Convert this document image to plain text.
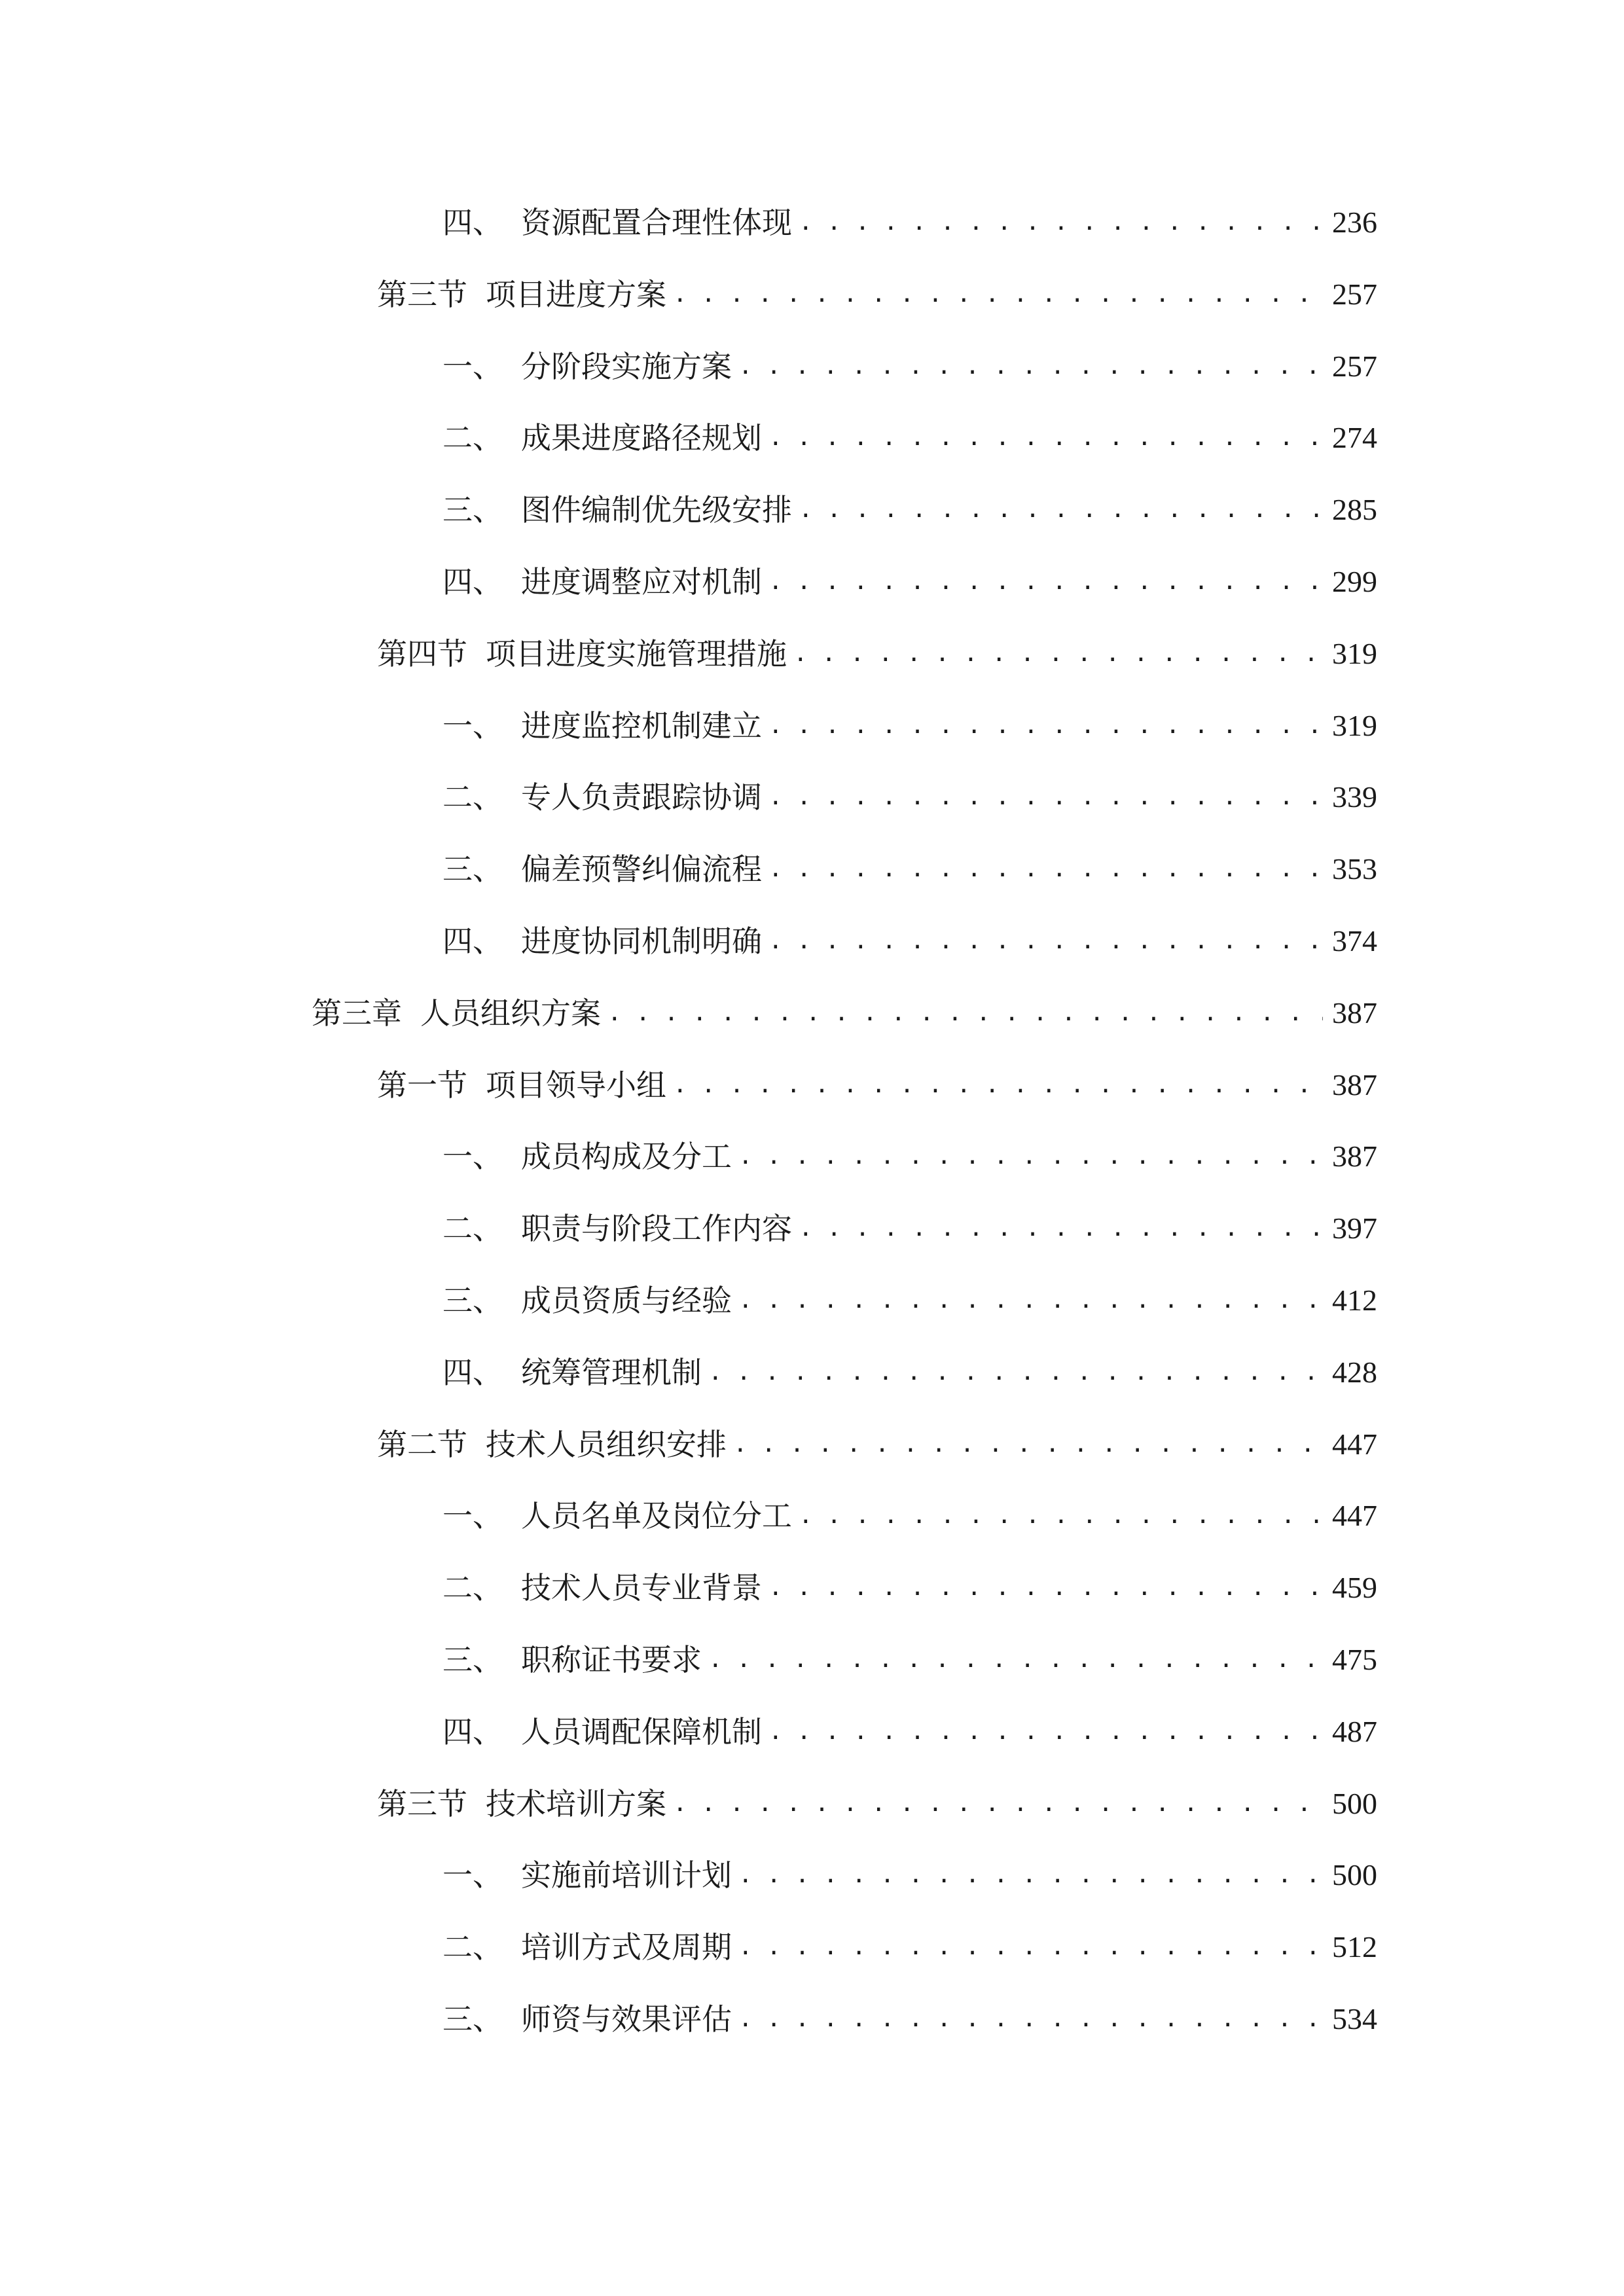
四、 资源配置合理性体现 . . .	236
第三节 项目进度方案 . . .	257
一、 分阶段实施方案 . . .	257
二、 成果进度路径规划 . . .	274
三、 图件编制优先级安排 . . .	285
四、 进度调整应对机制 . . .	299
第四节 项目进度实施管理措施 . . .	319
一、 进度监控机制建立 . . .	319
二、 专人负责跟踪协调 . . .	339
三、 偏差预警纠偏流程 . . .	353
四、 进度协同机制明确 . . .	374
第三章 人员组织方案 . . .	387
第一节 项目领导小组 . . .	387
一、 成员构成及分工 . . .	387
二、 职责与阶段工作内容 . . .	397
三、 成员资质与经验 . . .	412
四、 统筹管理机制 . . .	428
第二节 技术人员组织安排 . . .	447
一、 人员名单及岗位分工 . . .	447
二、 技术人员专业背景 . . .	459
三、 职称证书要求 . . .	475
四、 人员调配保障机制 . . .	487
第三节 技术培训方案 . . .	500
一、 实施前培训计划 . . .	500
二、 培训方式及周期 . . .	512
三、 师资与效果评估 . . .	534
